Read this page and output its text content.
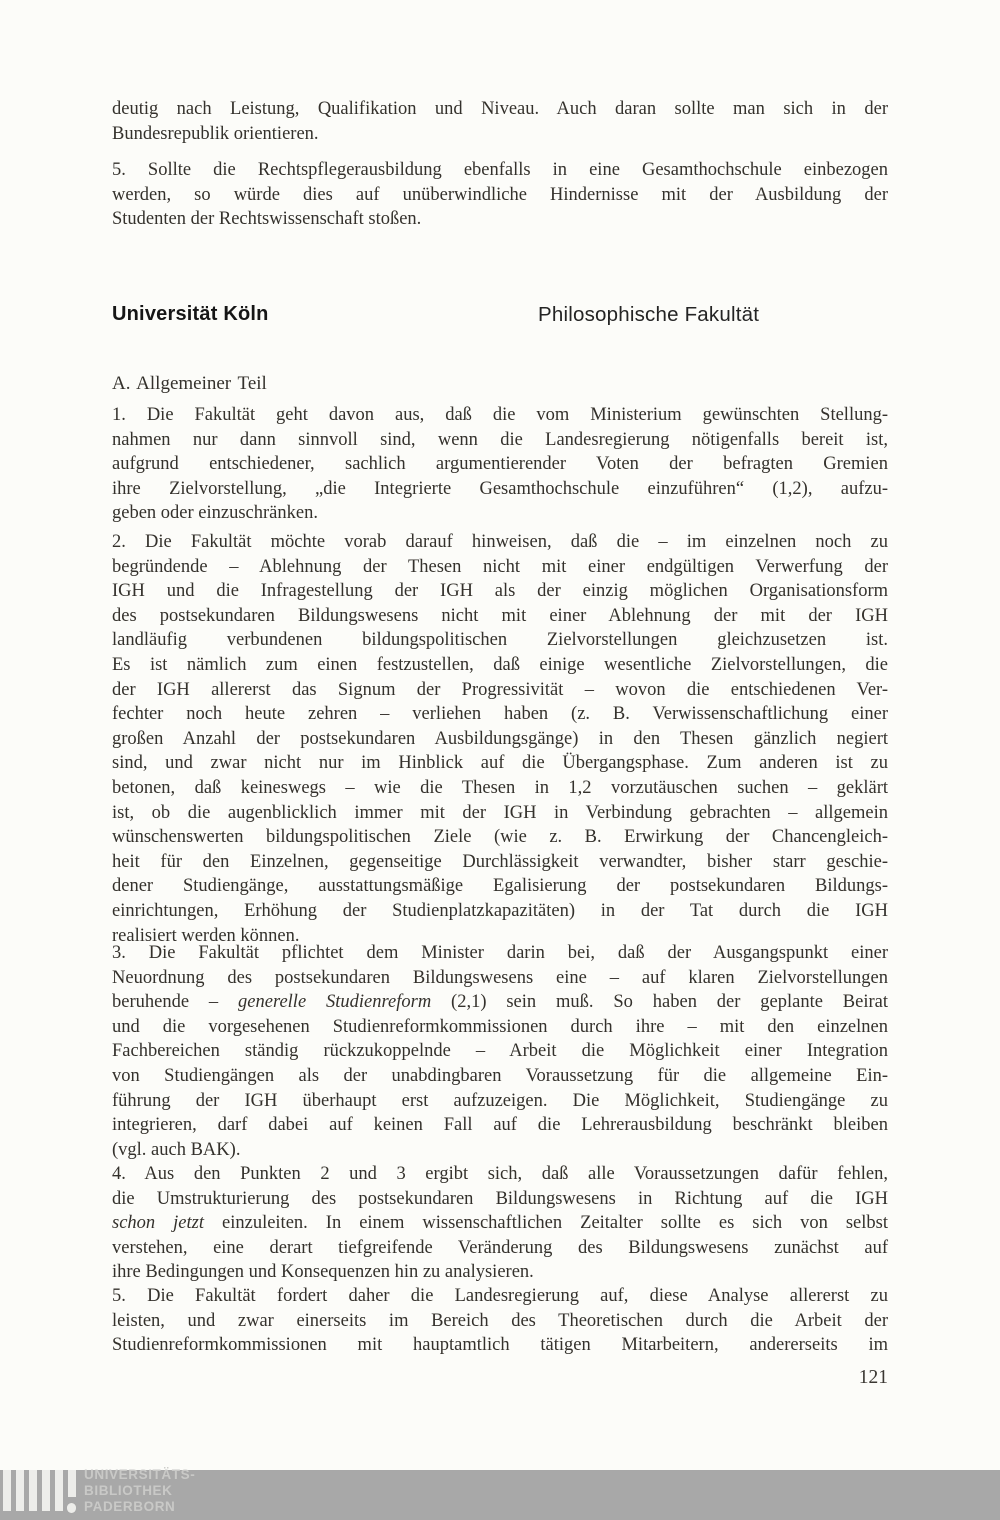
deutig nach Leistung, Qualifikation und Niveau. Auch daran sollte man sich in der
Bundesrepublik orientieren.
5. Sollte die Rechtspflegerausbildung ebenfalls in eine Gesamthochschule einbezogen
werden, so würde dies auf unüberwindliche Hindernisse mit der Ausbildung der
Studenten der Rechtswissenschaft stoßen.
Universität Köln	Philosophische Fakultät
A. Allgemeiner Teil
1. Die Fakultät geht davon aus, daß die vom Ministerium gewünschten Stellung-
nahmen nur dann sinnvoll sind, wenn die Landesregierung nötigenfalls bereit ist,
aufgrund entschiedener, sachlich argumentierender Voten der befragten Gremien
ihre Zielvorstellung, „die Integrierte Gesamthochschule einzuführen“ (1,2), aufzu-
geben oder einzuschränken.
2. Die Fakultät möchte vorab darauf hinweisen, daß die – im einzelnen noch zu
begründende – Ablehnung der Thesen nicht mit einer endgültigen Verwerfung der
IGH und die Infragestellung der IGH als der einzig möglichen Organisationsform
des postsekundaren Bildungswesens nicht mit einer Ablehnung der mit der IGH
landläufig verbundenen bildungspolitischen Zielvorstellungen gleichzusetzen ist.
Es ist nämlich zum einen festzustellen, daß einige wesentliche Zielvorstellungen, die
der IGH allererst das Signum der Progressivität – wovon die entschiedenen Ver-
fechter noch heute zehren – verliehen haben (z. B. Verwissenschaftlichung einer
großen Anzahl der postsekundaren Ausbildungsgänge) in den Thesen gänzlich negiert
sind, und zwar nicht nur im Hinblick auf die Übergangsphase. Zum anderen ist zu
betonen, daß keineswegs – wie die Thesen in 1,2 vorzutäuschen suchen – geklärt
ist, ob die augenblicklich immer mit der IGH in Verbindung gebrachten – allgemein
wünschenswerten bildungspolitischen Ziele (wie z. B. Erwirkung der Chancengleich-
heit für den Einzelnen, gegenseitige Durchlässigkeit verwandter, bisher starr geschie-
dener Studiengänge, ausstattungsmäßige Egalisierung der postsekundaren Bildungs-
einrichtungen, Erhöhung der Studienplatzkapazitäten) in der Tat durch die IGH
realisiert werden können.
3. Die Fakultät pflichtet dem Minister darin bei, daß der Ausgangspunkt einer
Neuordnung des postsekundaren Bildungswesens eine – auf klaren Zielvorstellungen
beruhende – generelle Studienreform (2,1) sein muß. So haben der geplante Beirat
und die vorgesehenen Studienreformkommissionen durch ihre – mit den einzelnen
Fachbereichen ständig rückzukoppelnde – Arbeit die Möglichkeit einer Integration
von Studiengängen als der unabdingbaren Voraussetzung für die allgemeine Ein-
führung der IGH überhaupt erst aufzuzeigen. Die Möglichkeit, Studiengänge zu
integrieren, darf dabei auf keinen Fall auf die Lehrerausbildung beschränkt bleiben
(vgl. auch BAK).
4. Aus den Punkten 2 und 3 ergibt sich, daß alle Voraussetzungen dafür fehlen,
die Umstrukturierung des postsekundaren Bildungswesens in Richtung auf die IGH
schon jetzt einzuleiten. In einem wissenschaftlichen Zeitalter sollte es sich von selbst
verstehen, eine derart tiefgreifende Veränderung des Bildungswesens zunächst auf
ihre Bedingungen und Konsequenzen hin zu analysieren.
5. Die Fakultät fordert daher die Landesregierung auf, diese Analyse allererst zu
leisten, und zwar einerseits im Bereich des Theoretischen durch die Arbeit der
Studienreformkommissionen mit hauptamtlich tätigen Mitarbeitern, andererseits im
121
UNIVERSITÄTS-
BIBLIOTHEK
PADERBORN
